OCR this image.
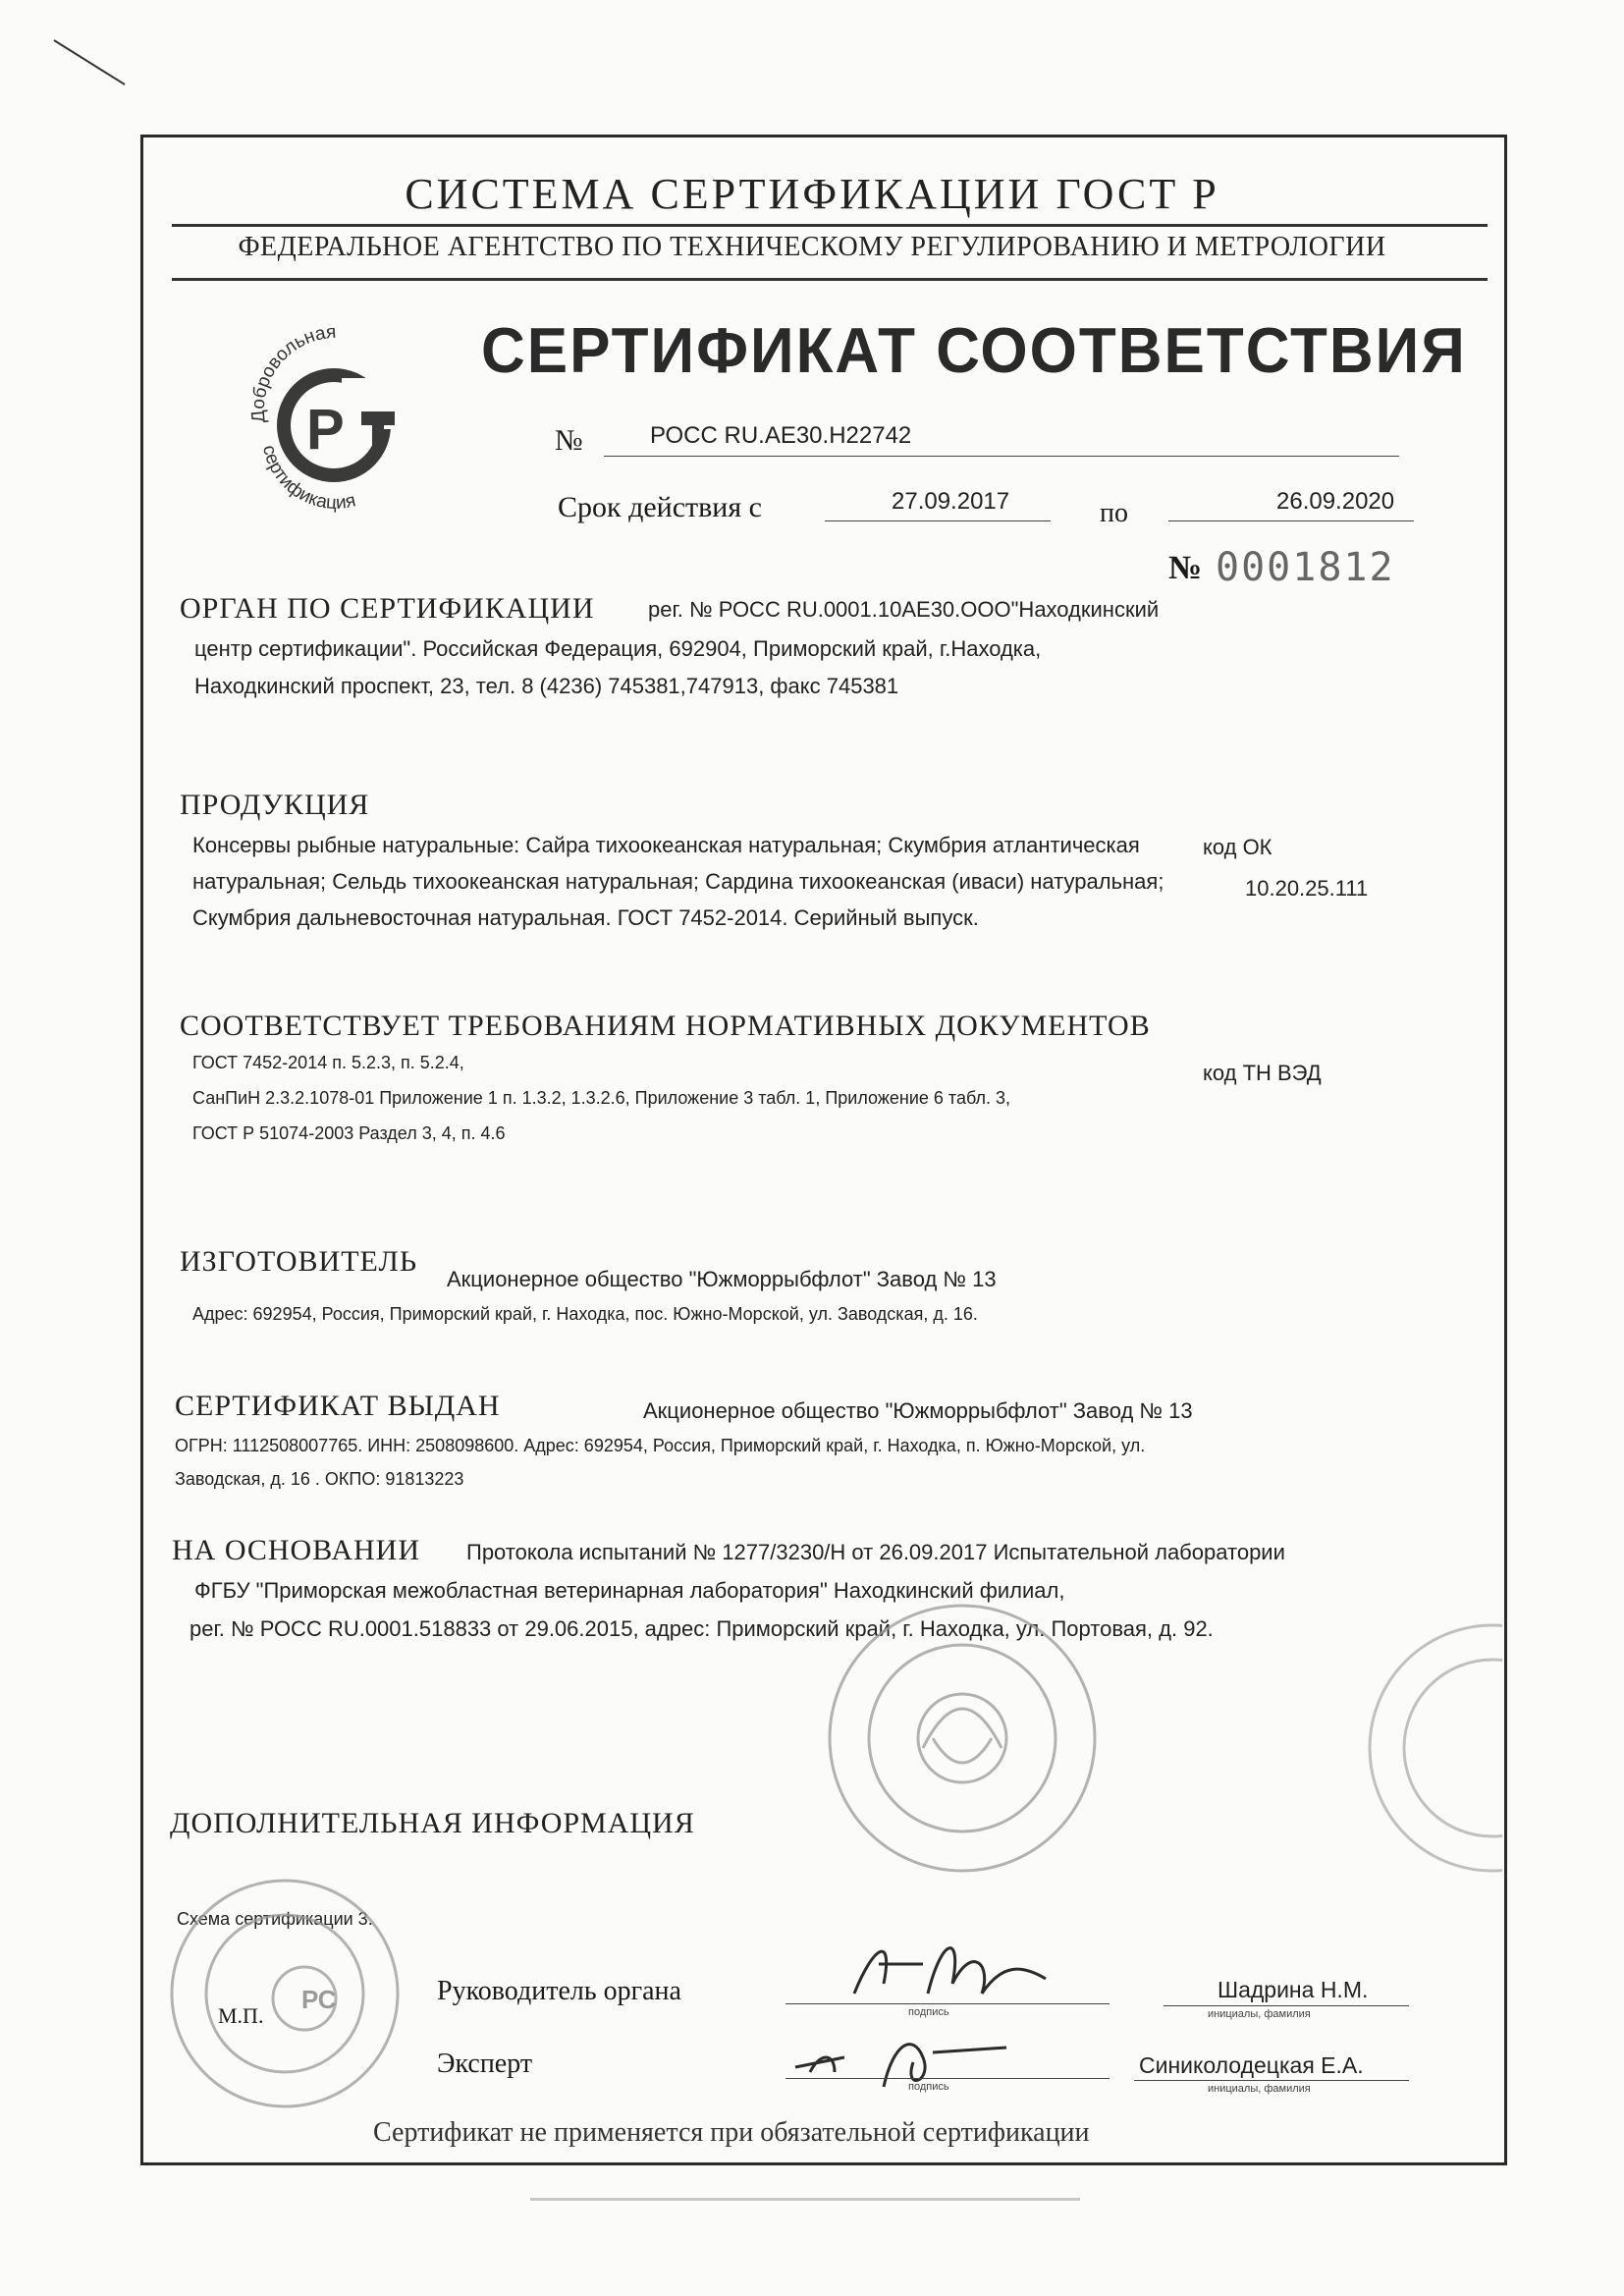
СИСТЕМА СЕРТИФИКАЦИИ ГОСТ Р
ФЕДЕРАЛЬНОЕ АГЕНТСТВО ПО ТЕХНИЧЕСКОМУ РЕГУЛИРОВАНИЮ И МЕТРОЛОГИИ
Добровольная
Р
сертификация
СЕРТИФИКАТ СООТВЕТСТВИЯ
№	РОСС RU.АЕ30.Н22742
Срок действия с	27.09.2017	по	26.09.2020
№ 0001812
ОРГАН ПО СЕРТИФИКАЦИИ рег. № РОСС RU.0001.10АЕ30.ООО"Находкинский
центр сертификации". Российская Федерация, 692904, Приморский край, г.Находка,
Находкинский проспект, 23, тел. 8 (4236) 745381,747913, факс 745381
ПРОДУКЦИЯ
Консервы рыбные натуральные: Сайра тихоокеанская натуральная; Скумбрия атлантическая	код ОК
натуральная; Сельдь тихоокеанская натуральная; Сардина тихоокеанская (иваси) натуральная;	10.20.25.111
Скумбрия дальневосточная натуральная. ГОСТ 7452-2014. Серийный выпуск.
СООТВЕТСТВУЕТ ТРЕБОВАНИЯМ НОРМАТИВНЫХ ДОКУМЕНТОВ
код ТН ВЭД
ГОСТ 7452-2014 п. 5.2.3, п. 5.2.4,
СанПиН 2.3.2.1078-01 Приложение 1 п. 1.3.2, 1.3.2.6, Приложение 3 табл. 1, Приложение 6 табл. 3,
ГОСТ Р 51074-2003 Раздел 3, 4, п. 4.6
ИЗГОТОВИТЕЛЬ
Акционерное общество "Южморрыбфлот" Завод № 13
Адрес: 692954, Россия, Приморский край, г. Находка, пос. Южно-Морской, ул. Заводская, д. 16.
СЕРТИФИКАТ ВЫДАН	Акционерное общество "Южморрыбфлот" Завод № 13
ОГРН: 1112508007765. ИНН: 2508098600. Адрес: 692954, Россия, Приморский край, г. Находка, п. Южно-Морской, ул.
Заводская, д. 16 . ОКПО: 91813223
НА ОСНОВАНИИ Протокола испытаний № 1277/3230/Н от 26.09.2017 Испытательной лаборатории
ФГБУ "Приморская межобластная ветеринарная лаборатория" Находкинский филиал,
рег. № РОСС RU.0001.518833 от 29.06.2015, адрес: Приморский край, г. Находка, ул. Портовая, д. 92.
ДОПОЛНИТЕЛЬНАЯ ИНФОРМАЦИЯ
Схема сертификации 3.
РС
М.П.
Руководитель органа
подпись
Шадрина Н.М.
инициалы, фамилия
Эксперт
подпись
Синиколодецкая Е.А.
инициалы, фамилия
Сертификат не применяется при обязательной сертификации
